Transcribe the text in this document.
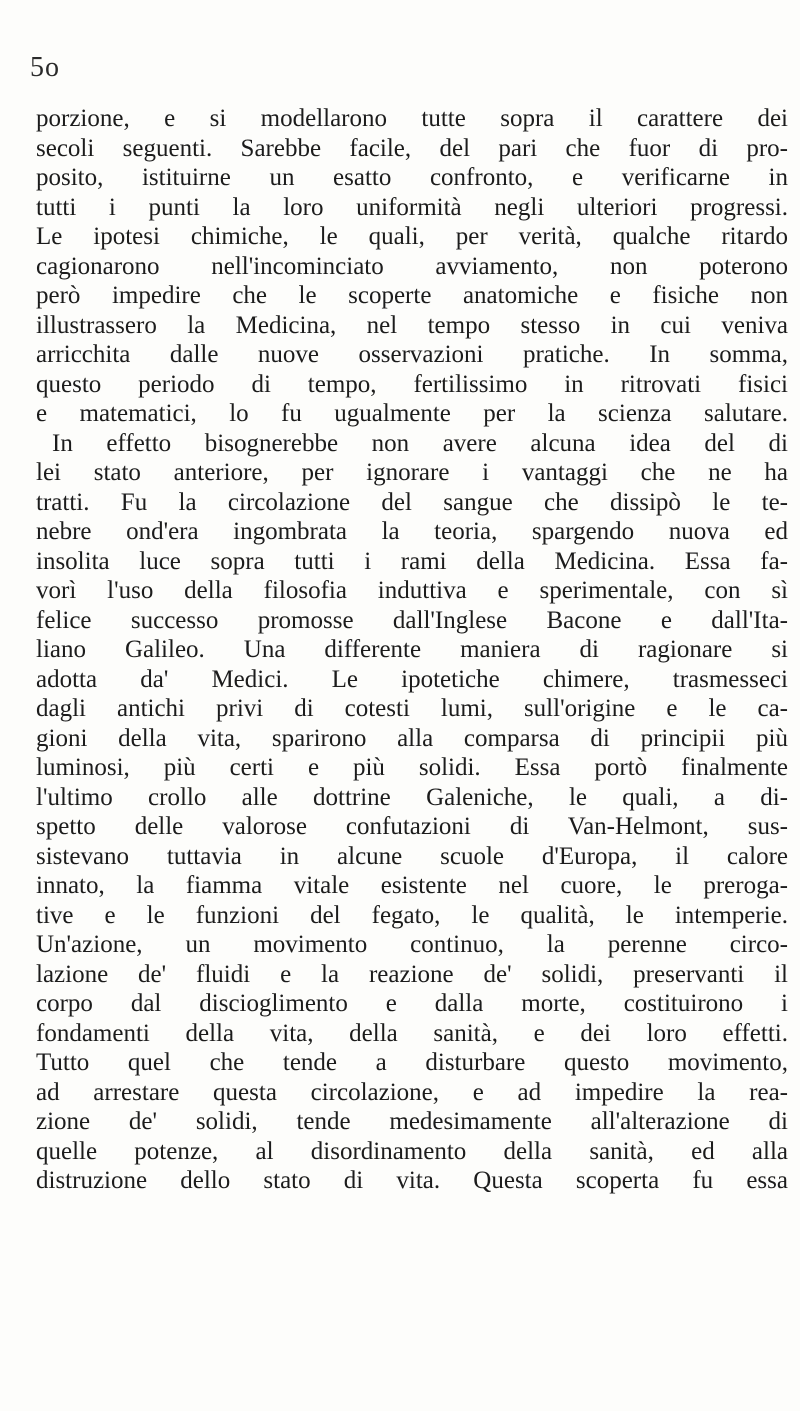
5o
porzione, e si modellarono tutte sopra il carattere dei
secoli seguenti. Sarebbe facile, del pari che fuor di pro-
posito, istituirne un esatto confronto, e verificarne in
tutti i punti la loro uniformità negli ulteriori progressi.
Le ipotesi chimiche, le quali, per verità, qualche ritardo
cagionarono nell'incominciato avviamento, non poterono
però impedire che le scoperte anatomiche e fisiche non
illustrassero la Medicina, nel tempo stesso in cui veniva
arricchita dalle nuove osservazioni pratiche. In somma,
questo periodo di tempo, fertilissimo in ritrovati fisici
e matematici, lo fu ugualmente per la scienza salutare.
In effetto bisognerebbe non avere alcuna idea del di
lei stato anteriore, per ignorare i vantaggi che ne ha
tratti. Fu la circolazione del sangue che dissipò le te-
nebre ond'era ingombrata la teoria, spargendo nuova ed
insolita luce sopra tutti i rami della Medicina. Essa fa-
vorì l'uso della filosofia induttiva e sperimentale, con sì
felice successo promosse dall'Inglese Bacone e dall'Ita-
liano Galileo. Una differente maniera di ragionare si
adotta da' Medici. Le ipotetiche chimere, trasmesseci
dagli antichi privi di cotesti lumi, sull'origine e le ca-
gioni della vita, sparirono alla comparsa di principii più
luminosi, più certi e più solidi. Essa portò finalmente
l'ultimo crollo alle dottrine Galeniche, le quali, a di-
spetto delle valorose confutazioni di Van-Helmont, sus-
sistevano tuttavia in alcune scuole d'Europa, il calore
innato, la fiamma vitale esistente nel cuore, le preroga-
tive e le funzioni del fegato, le qualità, le intemperie.
Un'azione, un movimento continuo, la perenne circo-
lazione de' fluidi e la reazione de' solidi, preservanti il
corpo dal discioglimento e dalla morte, costituirono i
fondamenti della vita, della sanità, e dei loro effetti.
Tutto quel che tende a disturbare questo movimento,
ad arrestare questa circolazione, e ad impedire la rea-
zione de' solidi, tende medesimamente all'alterazione di
quelle potenze, al disordinamento della sanità, ed alla
distruzione dello stato di vita. Questa scoperta fu essa
